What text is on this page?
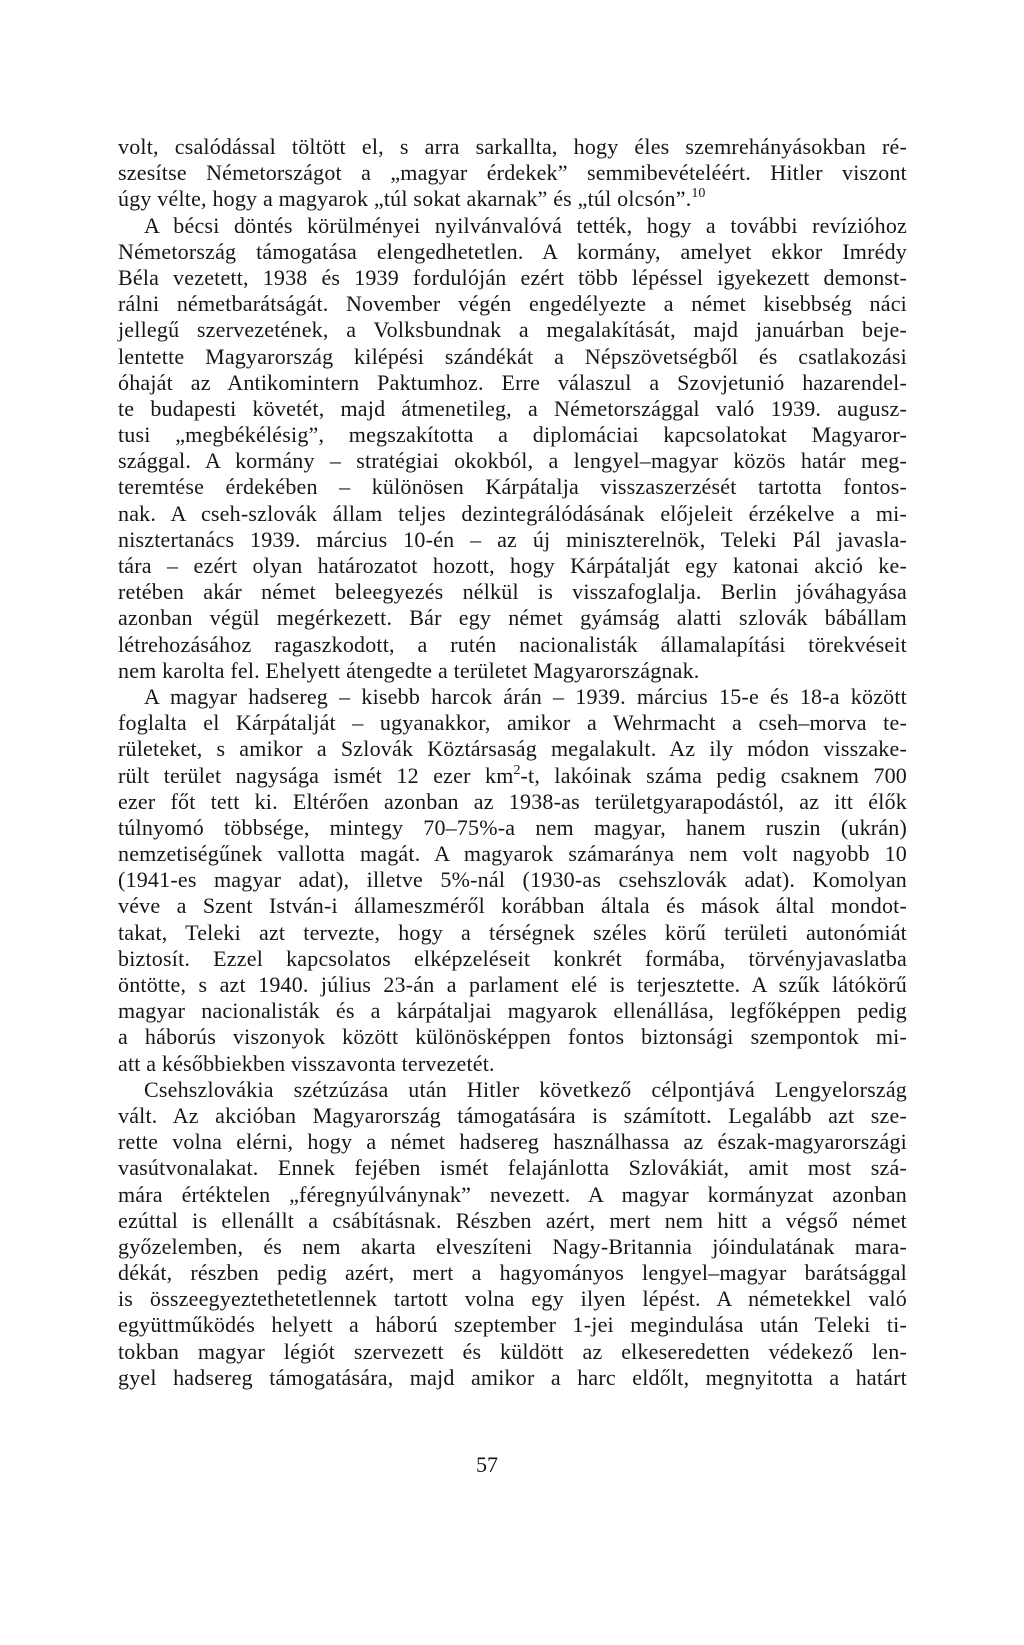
volt, csalódással töltött el, s arra sarkallta, hogy éles szemrehányásokban ré-
szesítse Németországot a „magyar érdekek” semmibevételéért. Hitler viszont
úgy vélte, hogy a magyarok „túl sokat akarnak” és „túl olcsón”.$^{10}$
A bécsi döntés körülményei nyilvánvalóvá tették, hogy a további revízióhoz
Németország támogatása elengedhetetlen. A kormány, amelyet ekkor Imrédy
Béla vezetett, 1938 és 1939 fordulóján ezért több lépéssel igyekezett demonst-
rálni németbarátságát. November végén engedélyezte a német kisebbség náci
jellegű szervezetének, a Volksbundnak a megalakítását, majd januárban beje-
lentette Magyarország kilépési szándékát a Népszövetségből és csatlakozási
óhaját az Antikomintern Paktumhoz. Erre válaszul a Szovjetunió hazarendel-
te budapesti követét, majd átmenetileg, a Németországgal való 1939. augusz-
tusi „megbékélésig”, megszakította a diplomáciai kapcsolatokat Magyaror-
szággal. A kormány – stratégiai okokból, a lengyel–magyar közös határ meg-
teremtése érdekében – különösen Kárpátalja visszaszerzését tartotta fontos-
nak. A cseh-szlovák állam teljes dezintegrálódásának előjeleit érzékelve a mi-
nisztertanács 1939. március 10-én – az új miniszterelnök, Teleki Pál javasla-
tára – ezért olyan határozatot hozott, hogy Kárpátalját egy katonai akció ke-
retében akár német beleegyezés nélkül is visszafoglalja. Berlin jóváhagyása
azonban végül megérkezett. Bár egy német gyámság alatti szlovák bábállam
létrehozásához ragaszkodott, a rutén nacionalisták államalapítási törekvéseit
nem karolta fel. Ehelyett átengedte a területet Magyarországnak.
A magyar hadsereg – kisebb harcok árán – 1939. március 15-e és 18-a között
foglalta el Kárpátalját – ugyanakkor, amikor a Wehrmacht a cseh–morva te-
rületeket, s amikor a Szlovák Köztársaság megalakult. Az ily módon visszake-
rült terület nagysága ismét 12 ezer $km^2-t$, lakóinak száma pedig csaknem 700
ezer főt tett ki. Eltérően azonban az 1938-as területgyarapodástól, az itt élők
túlnyomó többsége, mintegy 70–75%-a nem magyar, hanem ruszin (ukrán)
nemzetiségűnek vallotta magát. A magyarok számaránya nem volt nagyobb 10
(1941-es magyar adat), illetve 5%-nál (1930-as csehszlovák adat). Komolyan
véve a Szent István-i állameszméről korábban általa és mások által mondot-
takat, Teleki azt tervezte, hogy a térségnek széles körű területi autonómiát
biztosít. Ezzel kapcsolatos elképzeléseit konkrét formába, törvényjavaslatba
öntötte, s azt 1940. július 23-án a parlament elé is terjesztette. A szűk látókörű
magyar nacionalisták és a kárpátaljai magyarok ellenállása, legfőképpen pedig
a háborús viszonyok között különösképpen fontos biztonsági szempontok mi-
att a későbbiekben visszavonta tervezetét.
Csehszlovákia szétzúzása után Hitler következő célpontjává Lengyelország
vált. Az akcióban Magyarország támogatására is számított. Legalább azt sze-
rette volna elérni, hogy a német hadsereg használhassa az észak-magyarországi
vasútvonalakat. Ennek fejében ismét felajánlotta Szlovákiát, amit most szá-
mára értéktelen „féregnyúlványnak” nevezett. A magyar kormányzat azonban
ezúttal is ellenállt a csábításnak. Részben azért, mert nem hitt a végső német
győzelemben, és nem akarta elveszíteni Nagy-Britannia jóindulatának mara-
dékát, részben pedig azért, mert a hagyományos lengyel–magyar barátsággal
is összeegyeztethetetlennek tartott volna egy ilyen lépést. A németekkel való
együttműködés helyett a háború szeptember 1-jei megindulása után Teleki ti-
tokban magyar légiót szervezett és küldött az elkeseredetten védekező len-
gyel hadsereg támogatására, majd amikor a harc eldőlt, megnyitotta a határt
57
